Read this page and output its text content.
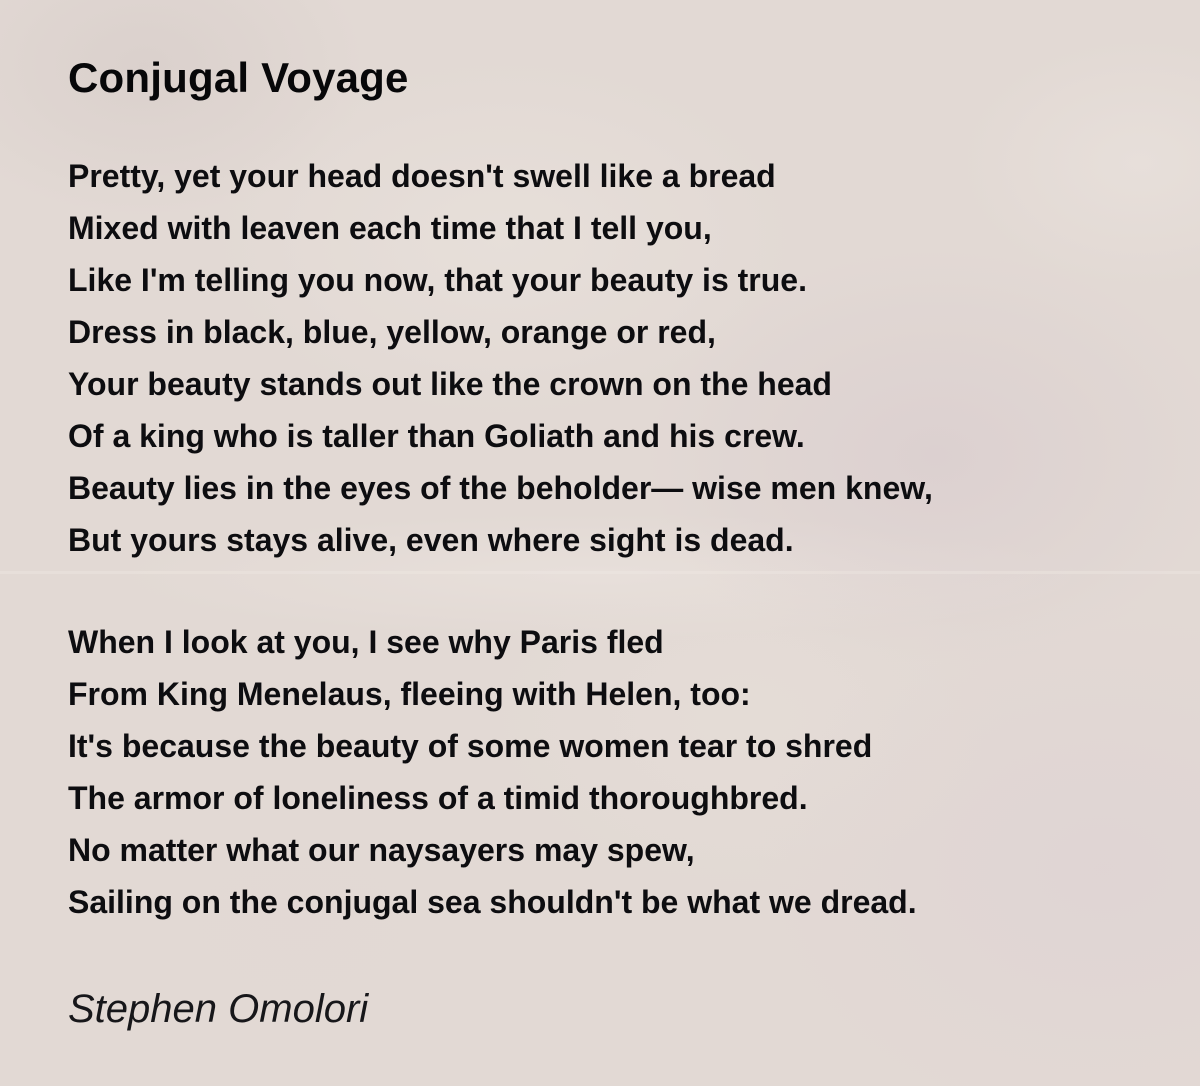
Conjugal Voyage
Pretty, yet your head doesn't swell like a bread
Mixed with leaven each time that I tell you,
Like I'm telling you now, that your beauty is true.
Dress in black, blue, yellow, orange or red,
Your beauty stands out like the crown on the head
Of a king who is taller than Goliath and his crew.
Beauty lies in the eyes of the beholder— wise men knew,
But yours stays alive, even where sight is dead.
When I look at you, I see why Paris fled
From King Menelaus, fleeing with Helen, too:
It's because the beauty of some women tear to shred
The armor of loneliness of a timid thoroughbred.
No matter what our naysayers may spew,
Sailing on the conjugal sea shouldn't be what we dread.
Stephen Omolori
